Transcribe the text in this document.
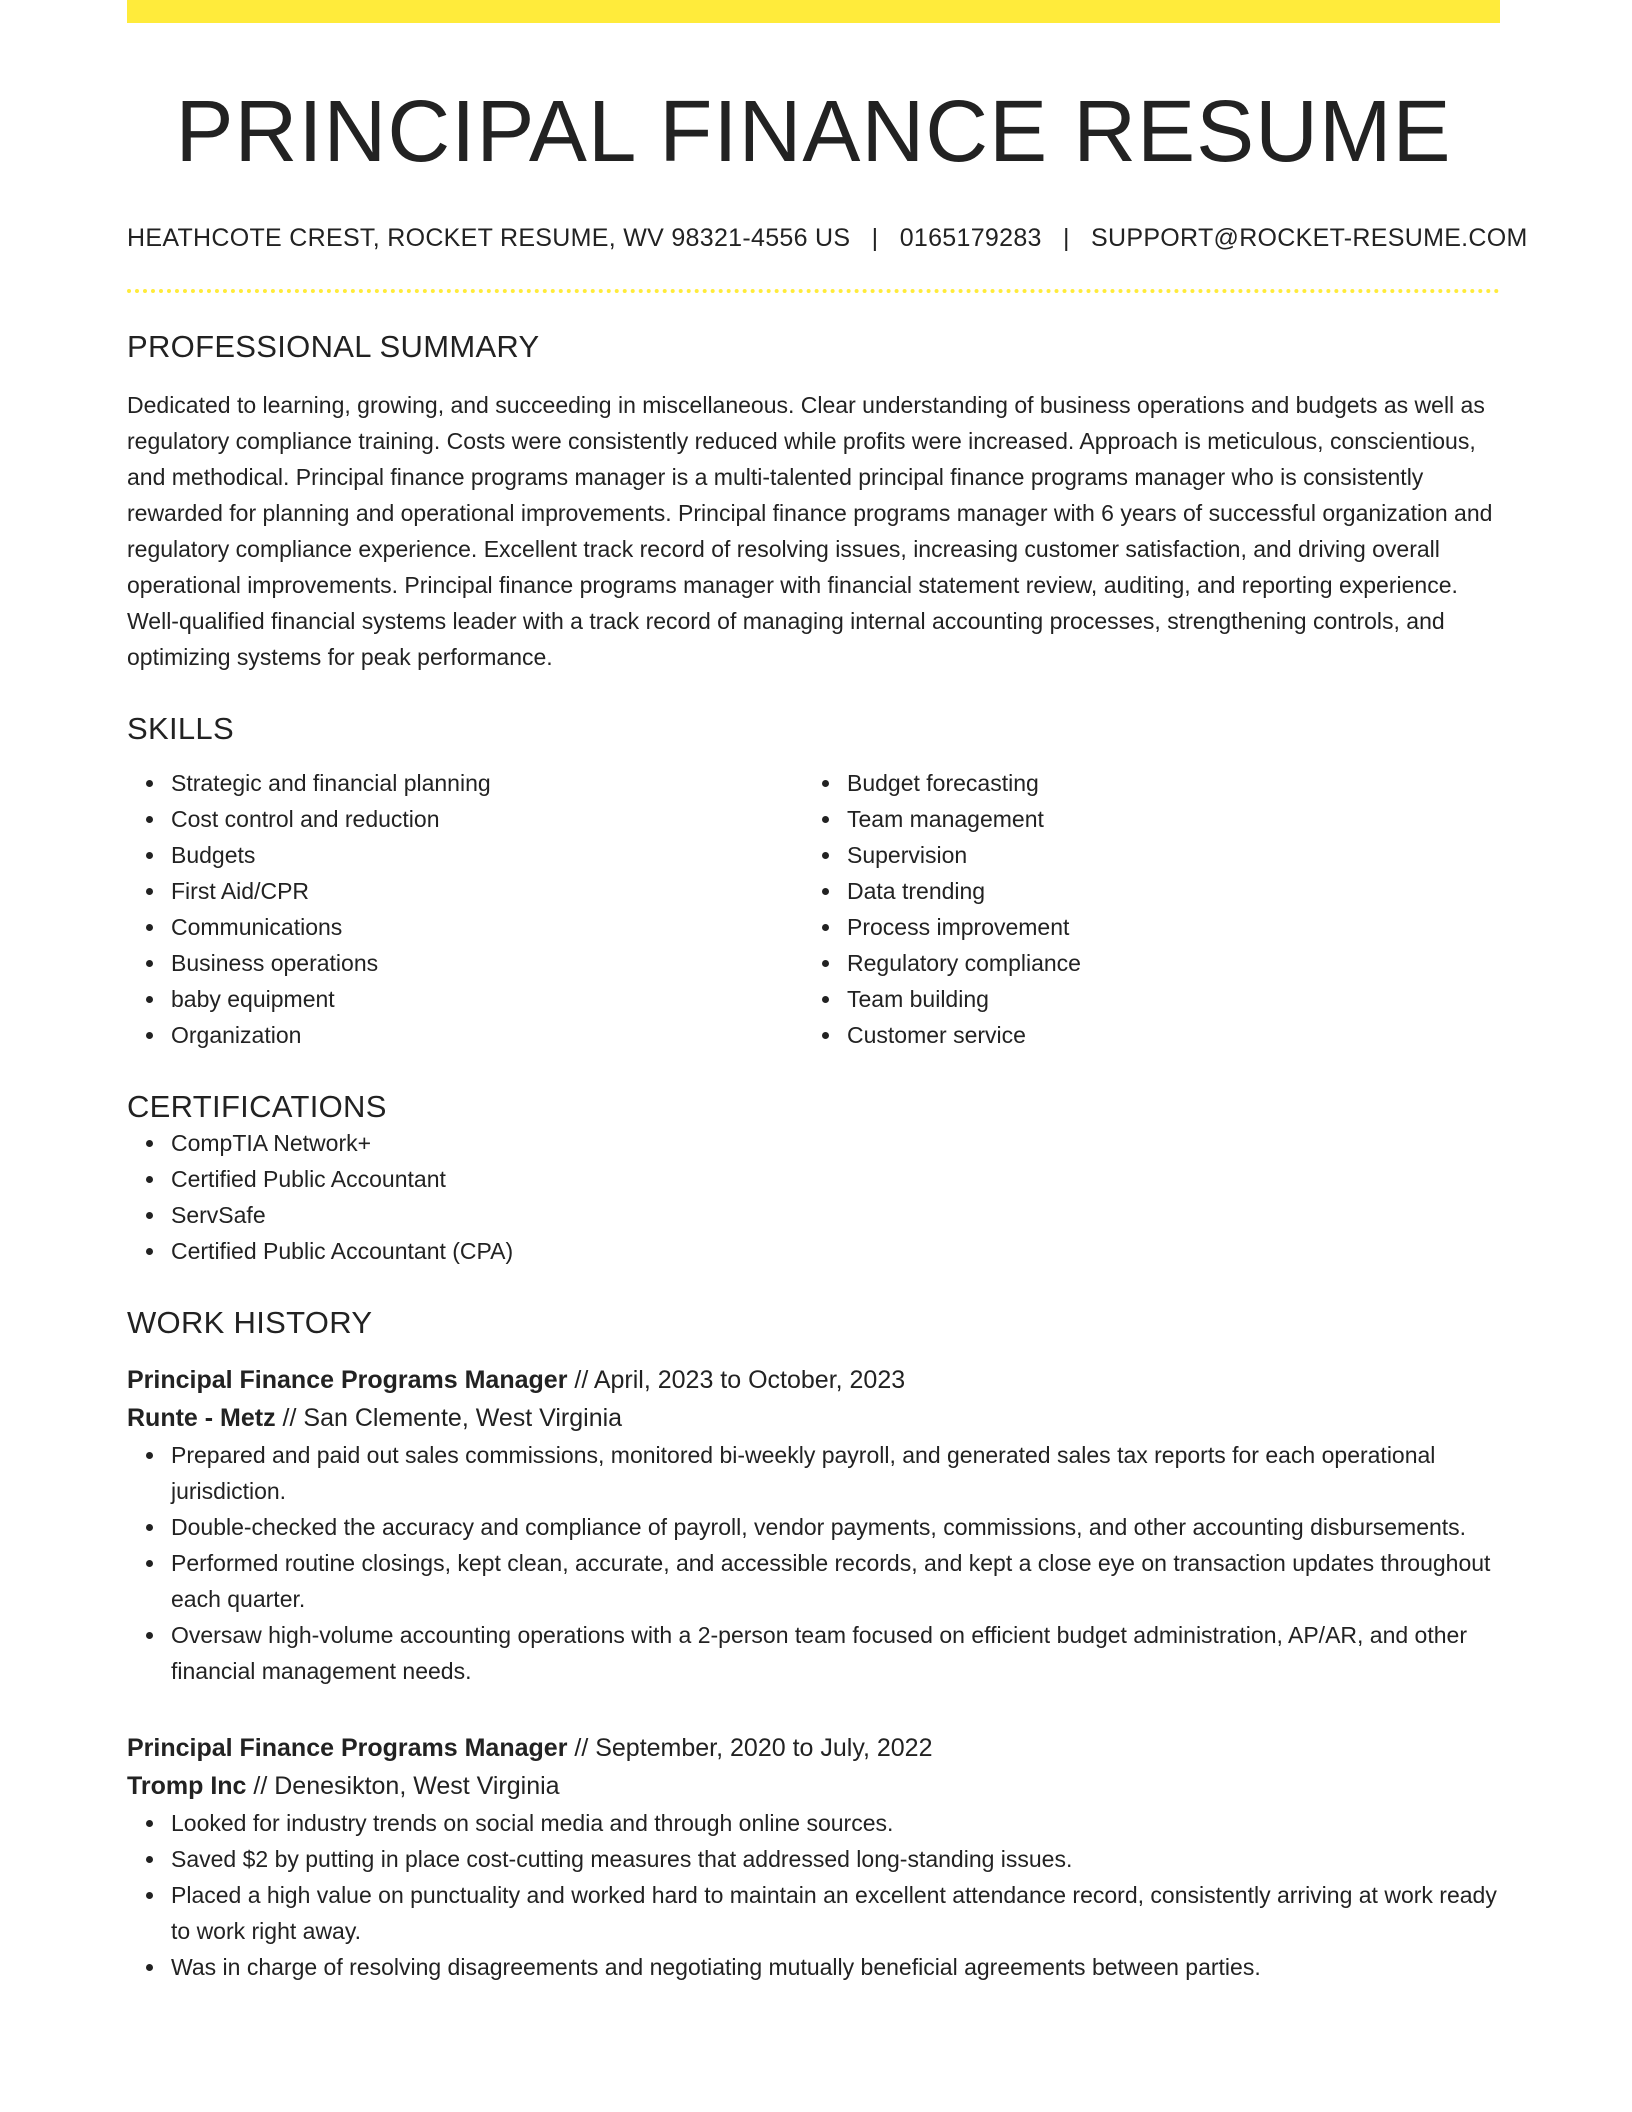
PRINCIPAL FINANCE RESUME
HEATHCOTE CREST, ROCKET RESUME, WV 98321-4556 US | 0165179283 | SUPPORT@ROCKET-RESUME.COM
PROFESSIONAL SUMMARY

Dedicated to learning, growing, and succeeding in miscellaneous. Clear understanding of business operations and budgets as well as regulatory compliance training. Costs were consistently reduced while profits were increased. Approach is meticulous, conscientious, and methodical. Principal finance programs manager is a multi-talented principal finance programs manager who is consistently rewarded for planning and operational improvements. Principal finance programs manager with 6 years of successful organization and regulatory compliance experience. Excellent track record of resolving issues, increasing customer satisfaction, and driving overall operational improvements. Principal finance programs manager with financial statement review, auditing, and reporting experience. Well-qualified financial systems leader with a track record of managing internal accounting processes, strengthening controls, and optimizing systems for peak performance.

SKILLS
Strategic and financial planning
Cost control and reduction
Budgets
First Aid/CPR
Communications
Business operations
baby equipment
Organization
Budget forecasting
Team management
Supervision
Data trending
Process improvement
Regulatory compliance
Team building
Customer service
CERTIFICATIONS
CompTIA Network+
Certified Public Accountant
ServSafe
Certified Public Accountant (CPA)
WORK HISTORY
Principal Finance Programs Manager // April, 2023 to October, 2023
Runte - Metz // San Clemente, West Virginia
Prepared and paid out sales commissions, monitored bi-weekly payroll, and generated sales tax reports for each operational jurisdiction.
Double-checked the accuracy and compliance of payroll, vendor payments, commissions, and other accounting disbursements.
Performed routine closings, kept clean, accurate, and accessible records, and kept a close eye on transaction updates throughout each quarter.
Oversaw high-volume accounting operations with a 2-person team focused on efficient budget administration, AP/AR, and other financial management needs.
Principal Finance Programs Manager // September, 2020 to July, 2022
Tromp Inc // Denesikton, West Virginia
Looked for industry trends on social media and through online sources.
Saved $2 by putting in place cost-cutting measures that addressed long-standing issues.
Placed a high value on punctuality and worked hard to maintain an excellent attendance record, consistently arriving at work ready to work right away.
Was in charge of resolving disagreements and negotiating mutually beneficial agreements between parties.
